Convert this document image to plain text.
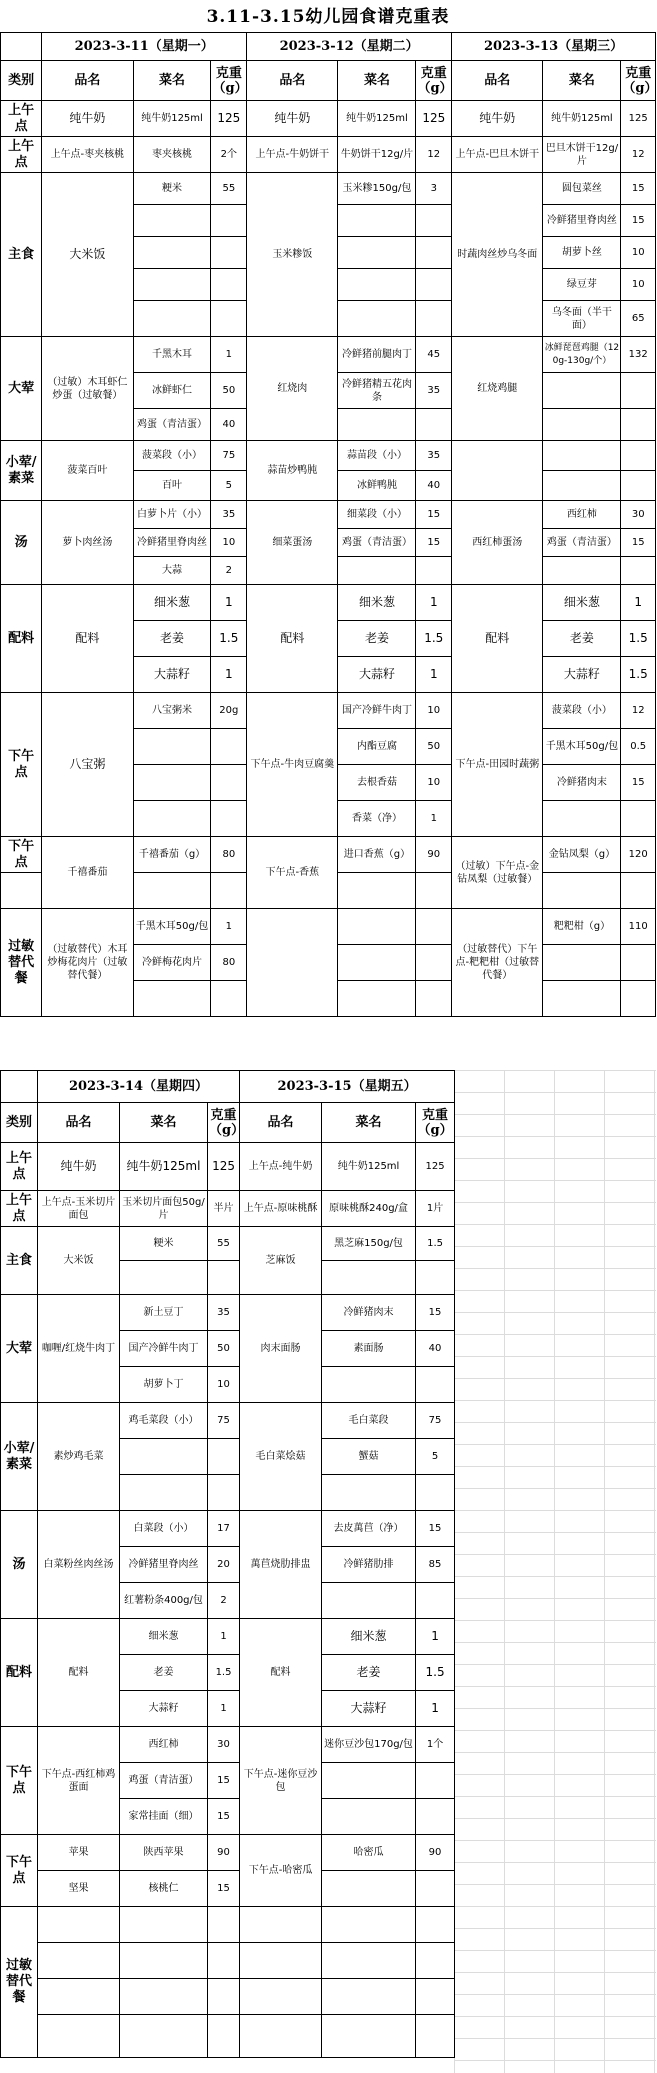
3.11-3.15幼儿园食谱克重表
	2023-3-11（星期一）			2023-3-12（星期二）			2023-3-13（星期三）		
类别	品名	菜名	克重（g）	品名	菜名	克重（g）	品名	菜名	克重（g）
上午点	纯牛奶	纯牛奶125ml	125	纯牛奶	纯牛奶125ml	125	纯牛奶	纯牛奶125ml	125
上午点	上午点-枣夹核桃	枣夹核桃	2个	上午点-牛奶饼干	牛奶饼干12g/片	12	上午点-巴旦木饼干	巴旦木饼干12g/片	12
主食	大米饭	粳米	55	玉米糁饭	玉米糁150g/包	3	时蔬肉丝炒乌冬面	圆包菜丝	15
								冷鲜猪里脊肉丝	15
								胡萝卜丝	10
								绿豆芽	10
								乌冬面（半干面）	65
大荤	（过敏）木耳虾仁炒蛋（过敏餐）	千黑木耳	1	红烧肉	冷鲜猪前腿肉丁	45	红烧鸡腿	冰鲜琵琶鸡腿（120g-130g/个）	132
		冰鲜虾仁	50		冷鲜猪精五花肉条	35			
		鸡蛋（青洁蛋）	40						
小荤/素菜	菠菜百叶	菠菜段（小）	75	蒜苗炒鸭肫	蒜苗段（小）	35			
		百叶	5		冰鲜鸭肫	40			
汤	萝卜肉丝汤	白萝卜片（小）	35	细菜蛋汤	细菜段（小）	15	西红柿蛋汤	西红柿	30
		冷鲜猪里脊肉丝	10		鸡蛋（青洁蛋）	15		鸡蛋（青洁蛋）	15
		大蒜	2						
配料	配料	细米葱	1	配料	细米葱	1	配料	细米葱	1
		老姜	1.5		老姜	1.5		老姜	1.5
		大蒜籽	1		大蒜籽	1		大蒜籽	1.5
下午点	八宝粥	八宝粥米	20g	下午点-牛肉豆腐羹	国产冷鲜牛肉丁	10	下午点-田园时蔬粥	菠菜段（小）	12
					内酯豆腐	50		千黑木耳50g/包	0.5
					去根香菇	10		冷鲜猪肉末	15
					香菜（净）	1			
下午点	千禧番茄	千禧番茄（g）	80	下午点-香蕉	进口香蕉（g）	90	（过敏）下午点-金钻凤梨（过敏餐）	金钻凤梨（g）	120

过敏替代餐	（过敏替代）木耳炒梅花肉片（过敏替代餐）	千黑木耳50g/包	1				（过敏替代）下午点-粑粑柑（过敏替代餐）	粑粑柑（g）	110
		冷鲜梅花肉片	80						

	2023-3-14（星期四）			2023-3-15（星期五）		
类别	品名	菜名	克重（g）	品名	菜名	克重（g）
上午点	纯牛奶	纯牛奶125ml	125	上午点-纯牛奶	纯牛奶125ml	125
上午点	上午点-玉米切片面包	玉米切片面包50g/片	半片	上午点-原味桃酥	原味桃酥240g/盒	1片
主食	大米饭	粳米	55	芝麻饭	黑芝麻150g/包	1.5

大荤	咖喱/红烧牛肉丁	新土豆丁	35	肉末面肠	冷鲜猪肉末	15
		国产冷鲜牛肉丁	50		素面肠	40
		胡萝卜丁	10			
小荤/素菜	素炒鸡毛菜	鸡毛菜段（小）	75	毛白菜烩菇	毛白菜段	75
					蟹菇	5

汤	白菜粉丝肉丝汤	白菜段（小）	17	萬苣烧肋排盅	去皮萬苣（净）	15
		冷鲜猪里脊肉丝	20		冷鲜猪肋排	85
		红薯粉条400g/包	2			
配料	配料	细米葱	1	配料	细米葱	1
		老姜	1.5		老姜	1.5
		大蒜籽	1		大蒜籽	1
下午点	下午点-西红柿鸡蛋面	西红柿	30	下午点-迷你豆沙包	迷你豆沙包170g/包	1个
		鸡蛋（青洁蛋）	15			
		家常挂面（细）	15			
下午点	苹果	陕西苹果	90	下午点-哈密瓜	哈密瓜	90
	坚果	核桃仁	15			
过敏替代餐						
